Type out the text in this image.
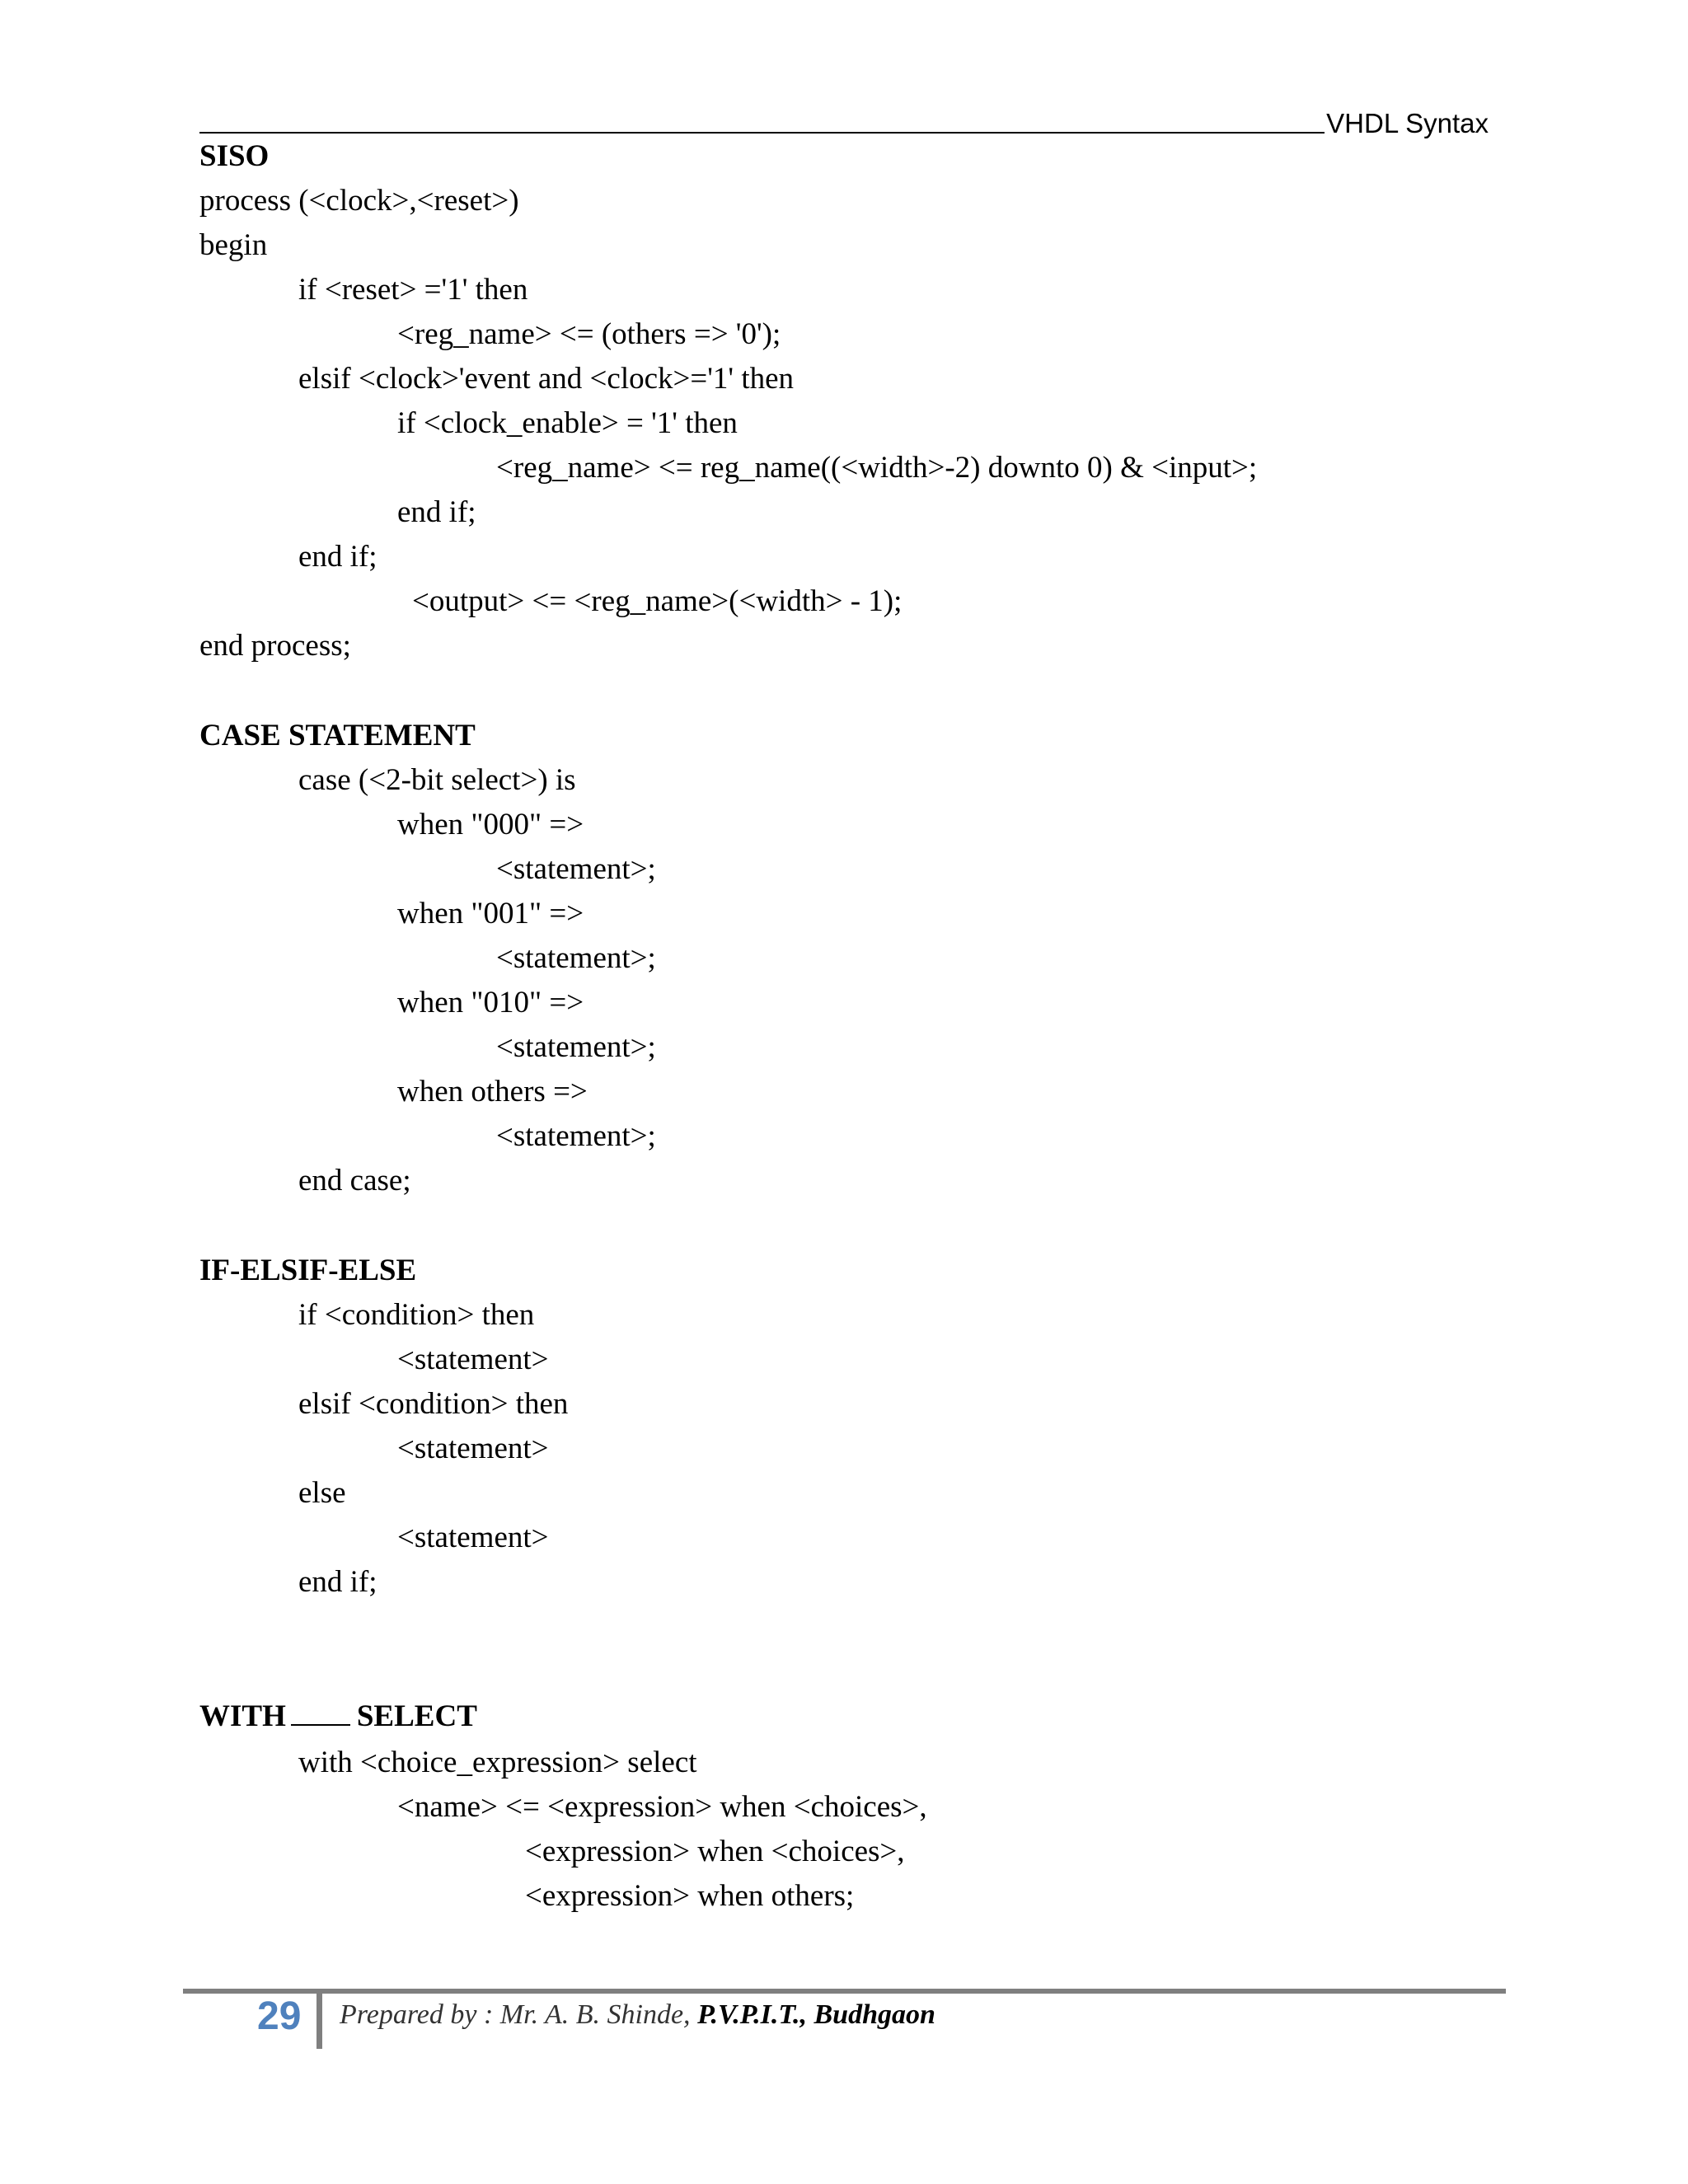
VHDL Syntax
SISO
process (<clock>,<reset>)
begin
if <reset> ='1' then
<reg_name> <= (others => '0');
elsif <clock>'event and <clock>='1' then
if <clock_enable> = '1' then
<reg_name> <= reg_name((<width>-2) downto 0) & <input>;
end if;
end if;
<output> <= <reg_name>(<width> - 1);
end process;
CASE STATEMENT
case (<2-bit select>) is
when "000" =>
<statement>;
when "001" =>
<statement>;
when "010" =>
<statement>;
when others =>
<statement>;
end case;
IF-ELSIF-ELSE
if <condition> then
<statement>
elsif <condition> then
<statement>
else
<statement>
end if;
WITH SELECT
with <choice_expression> select
<name> <= <expression> when <choices>,
<expression> when <choices>,
<expression> when others;
29 Prepared by : Mr. A. B. Shinde, P.V.P.I.T., Budhgaon
